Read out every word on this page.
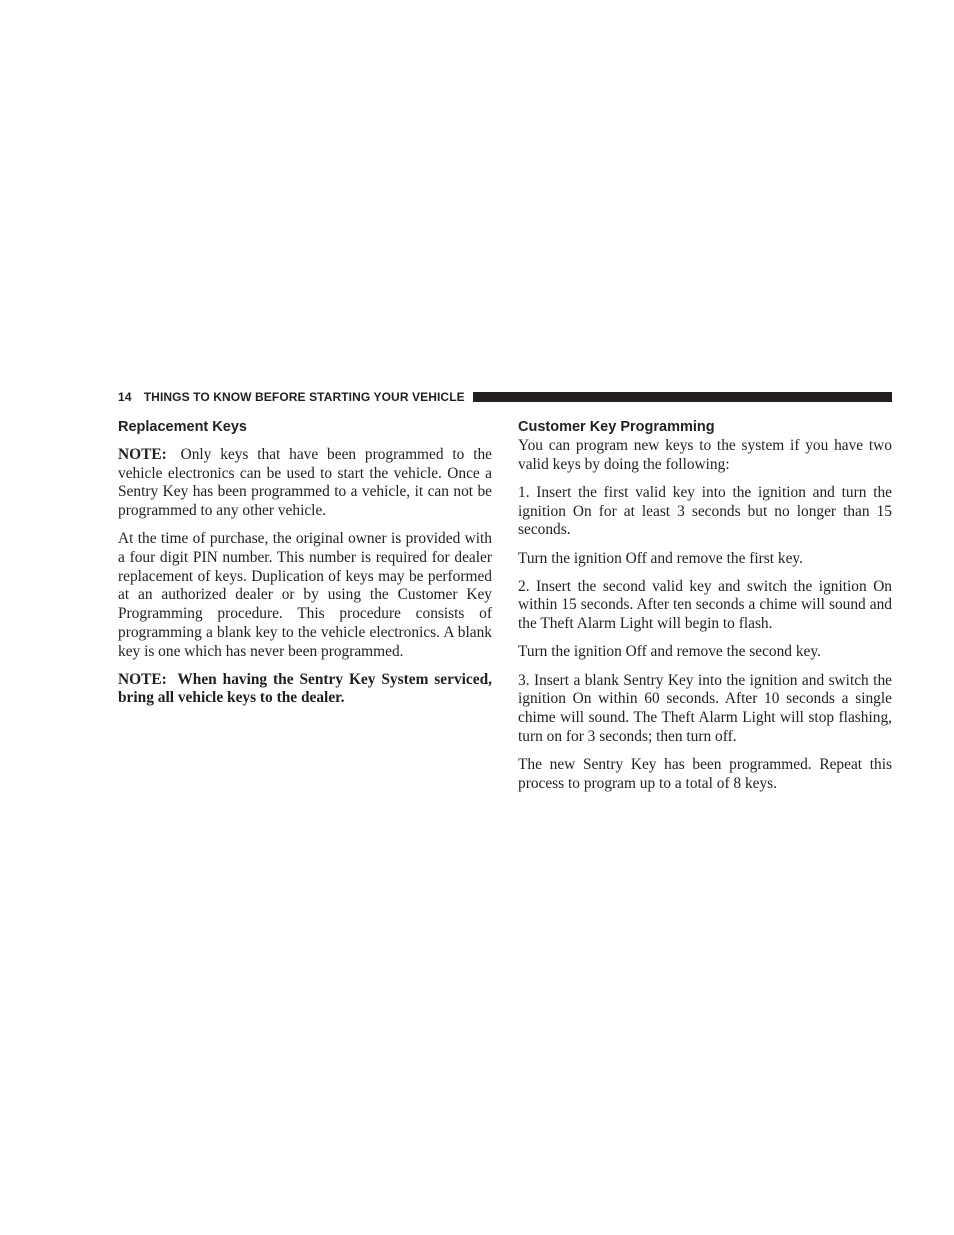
14 THINGS TO KNOW BEFORE STARTING YOUR VEHICLE
Replacement Keys

NOTE: Only keys that have been programmed to the vehicle electronics can be used to start the vehicle. Once a Sentry Key has been programmed to a vehicle, it can not be programmed to any other vehicle.

At the time of purchase, the original owner is provided with a four digit PIN number. This number is required for dealer replacement of keys. Duplication of keys may be performed at an authorized dealer or by using the Customer Key Programming procedure. This procedure consists of programming a blank key to the vehicle electronics. A blank key is one which has never been programmed.

NOTE: When having the Sentry Key System serviced, bring all vehicle keys to the dealer.

Customer Key Programming

You can program new keys to the system if you have two valid keys by doing the following:

1. Insert the first valid key into the ignition and turn the ignition On for at least 3 seconds but no longer than 15 seconds.

Turn the ignition Off and remove the first key.

2. Insert the second valid key and switch the ignition On within 15 seconds. After ten seconds a chime will sound and the Theft Alarm Light will begin to flash.

Turn the ignition Off and remove the second key.

3. Insert a blank Sentry Key into the ignition and switch the ignition On within 60 seconds. After 10 seconds a single chime will sound. The Theft Alarm Light will stop flashing, turn on for 3 seconds; then turn off.

The new Sentry Key has been programmed. Repeat this process to program up to a total of 8 keys.
